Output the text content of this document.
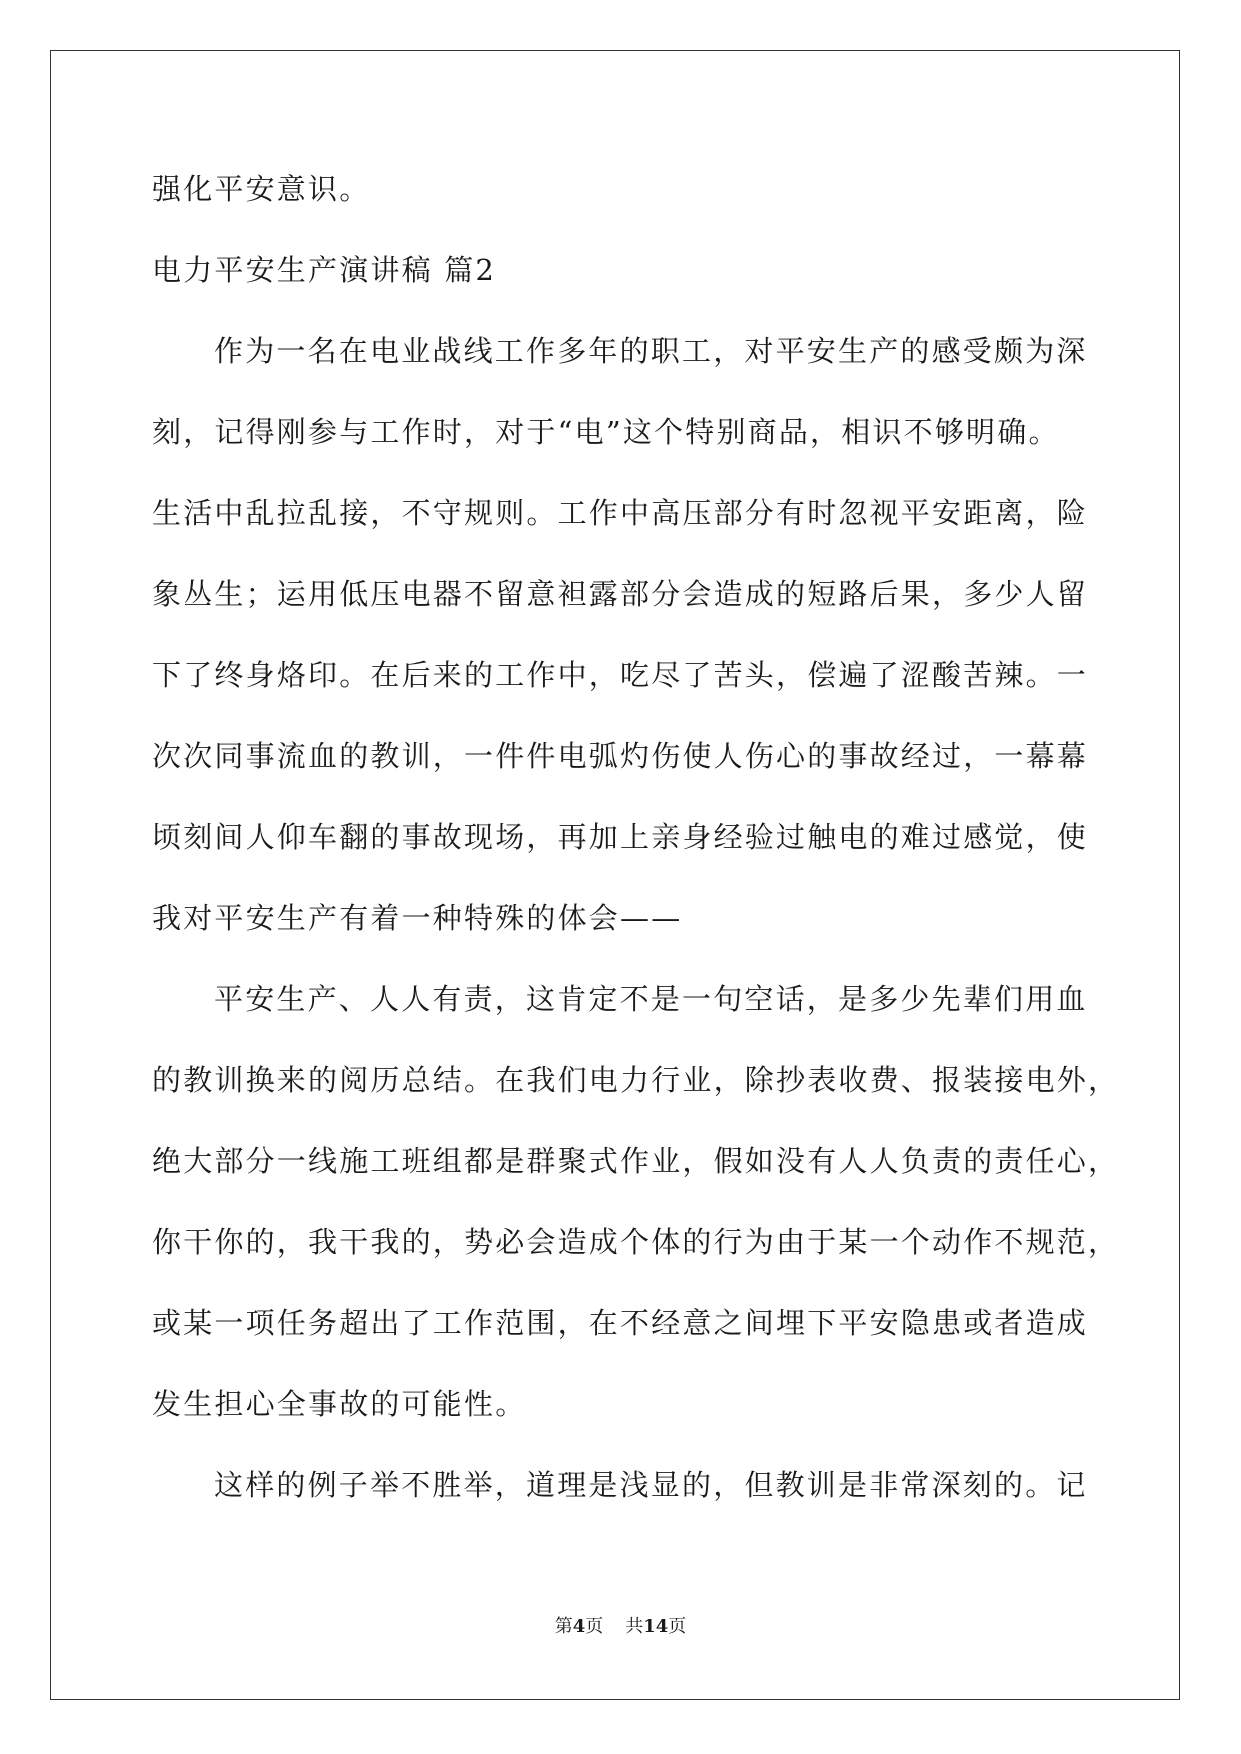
强化平安意识。
电力平安生产演讲稿 篇2
作为一名在电业战线工作多年的职工，对平安生产的感受颇为深
刻，记得刚参与工作时，对于“电”这个特别商品，相识不够明确。
生活中乱拉乱接，不守规则。工作中高压部分有时忽视平安距离，险
象丛生；运用低压电器不留意袒露部分会造成的短路后果，多少人留
下了终身烙印。在后来的工作中，吃尽了苦头，偿遍了涩酸苦辣。一
次次同事流血的教训，一件件电弧灼伤使人伤心的事故经过，一幕幕
顷刻间人仰车翻的事故现场，再加上亲身经验过触电的难过感觉，使
我对平安生产有着一种特殊的体会——
平安生产、人人有责，这肯定不是一句空话，是多少先辈们用血
的教训换来的阅历总结。在我们电力行业，除抄表收费、报装接电外，
绝大部分一线施工班组都是群聚式作业，假如没有人人负责的责任心，
你干你的，我干我的，势必会造成个体的行为由于某一个动作不规范，
或某一项任务超出了工作范围，在不经意之间埋下平安隐患或者造成
发生担心全事故的可能性。
这样的例子举不胜举，道理是浅显的，但教训是非常深刻的。记
第4页 共14页
